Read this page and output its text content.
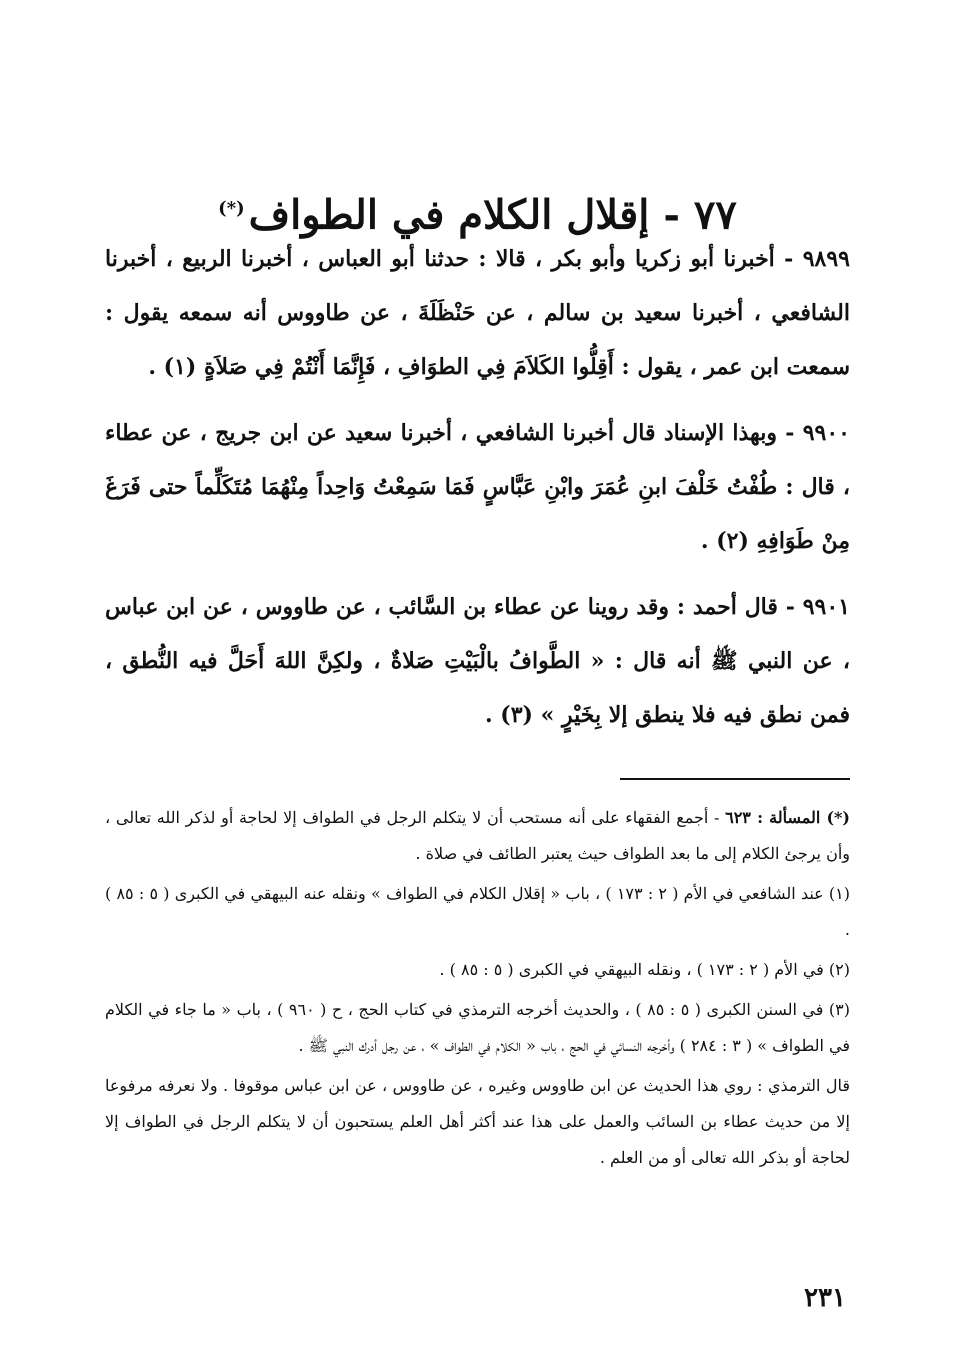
٧٧ - إقلال الكلام في الطواف(*)

٩٨٩٩ - أخبرنا أبو زكريا وأبو بكر ، قالا : حدثنا أبو العباس ، أخبرنا الربيع ، أخبرنا الشافعي ، أخبرنا سعيد بن سالم ، عن حَنْظَلَةَ ، عن طاووس أنه سمعه يقول : سمعت ابن عمر ، يقول : أَقِلُّوا الكَلاَمَ فِي الطوَافِ ، فَإِنَّمَا أَنْتُمْ فِي صَلاَةٍ (١) .

٩٩٠٠ - وبهذا الإسناد قال أخبرنا الشافعي ، أخبرنا سعيد عن ابن جريج ، عن عطاء ، قال : طُفْتُ خَلْفَ ابنِ عُمَرَ وابْنِ عَبَّاسٍ فَمَا سَمِعْتُ وَاحِداً مِنْهُمَا مُتَكَلِّماً حتى فَرَغَ مِنْ طَوَافِهِ (٢) .

٩٩٠١ - قال أحمد : وقد روينا عن عطاء بن السَّائب ، عن طاووس ، عن ابن عباس ، عن النبي ﷺ أنه قال : « الطَّوافُ بالْبَيْتِ صَلاةٌ ، ولكِنَّ اللهَ أَحَلَّ فيه النُّطق ، فمن نطق فيه فلا ينطق إلا بِخَيْرٍ » (٣) .

(*) المسألة : ٦٢٣ - أجمع الفقهاء على أنه مستحب أن لا يتكلم الرجل في الطواف إلا لحاجة أو لذكر الله تعالى ، وأن يرجئ الكلام إلى ما بعد الطواف حيث يعتبر الطائف في صلاة .

(١) عند الشافعي في الأم ( ٢ : ١٧٣ ) ، باب « إقلال الكلام في الطواف » ونقله عنه البيهقي في الكبرى ( ٥ : ٨٥ ) .

(٢) في الأم ( ٢ : ١٧٣ ) ، ونقله البيهقي في الكبرى ( ٥ : ٨٥ ) .

(٣) في السنن الكبرى ( ٥ : ٨٥ ) ، والحديث أخرجه الترمذي في كتاب الحج ، ح ( ٩٦٠ ) ، باب « ما جاء في الكلام في الطواف » ( ٣ : ٢٨٤ ) وأخرجه النسائي في الحج ، باب « الكلام في الطواف » ، عن رجل أدرك النبي ﷺ .

قال الترمذي : روي هذا الحديث عن ابن طاووس وغيره ، عن طاووس ، عن ابن عباس موقوفا . ولا نعرفه مرفوعا إلا من حديث عطاء بن السائب والعمل على هذا عند أكثر أهل العلم يستحبون أن لا يتكلم الرجل في الطواف إلا لحاجة أو بذكر الله تعالى أو من العلم .

٢٣١
